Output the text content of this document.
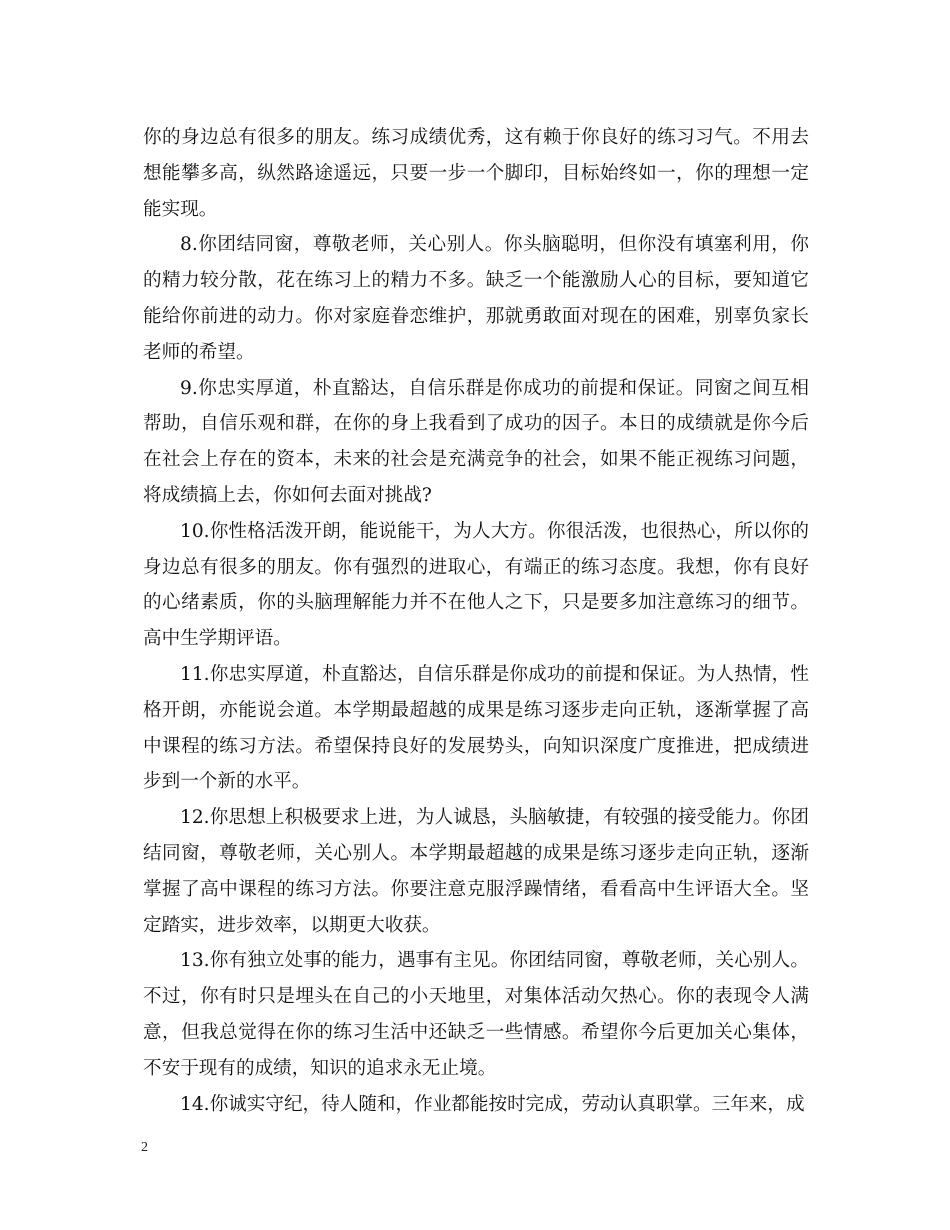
你的身边总有很多的朋友。练习成绩优秀，这有赖于你良好的练习习气。不用去想能攀多高，纵然路途遥远，只要一步一个脚印，目标始终如一，你的理想一定能实现。

8.你团结同窗，尊敬老师，关心别人。你头脑聪明，但你没有填塞利用，你的精力较分散，花在练习上的精力不多。缺乏一个能激励人心的目标，要知道它能给你前进的动力。你对家庭眷恋维护，那就勇敢面对现在的困难，别辜负家长老师的希望。

9.你忠实厚道，朴直豁达，自信乐群是你成功的前提和保证。同窗之间互相帮助，自信乐观和群，在你的身上我看到了成功的因子。本日的成绩就是你今后在社会上存在的资本，未来的社会是充满竞争的社会，如果不能正视练习问题，将成绩搞上去，你如何去面对挑战?

10.你性格活泼开朗，能说能干，为人大方。你很活泼，也很热心，所以你的身边总有很多的朋友。你有强烈的进取心，有端正的练习态度。我想，你有良好的心绪素质，你的头脑理解能力并不在他人之下，只是要多加注意练习的细节。高中生学期评语。

11.你忠实厚道，朴直豁达，自信乐群是你成功的前提和保证。为人热情，性格开朗，亦能说会道。本学期最超越的成果是练习逐步走向正轨，逐渐掌握了高中课程的练习方法。希望保持良好的发展势头，向知识深度广度推进，把成绩进步到一个新的水平。

12.你思想上积极要求上进，为人诚恳，头脑敏捷，有较强的接受能力。你团结同窗，尊敬老师，关心别人。本学期最超越的成果是练习逐步走向正轨，逐渐掌握了高中课程的练习方法。你要注意克服浮躁情绪，看看高中生评语大全。坚定踏实，进步效率，以期更大收获。

13.你有独立处事的能力，遇事有主见。你团结同窗，尊敬老师，关心别人。不过，你有时只是埋头在自己的小天地里，对集体活动欠热心。你的表现令人满意，但我总觉得在你的练习生活中还缺乏一些情感。希望你今后更加关心集体，不安于现有的成绩，知识的追求永无止境。

14.你诚实守纪，待人随和，作业都能按时完成，劳动认真职掌。三年来，成

2
